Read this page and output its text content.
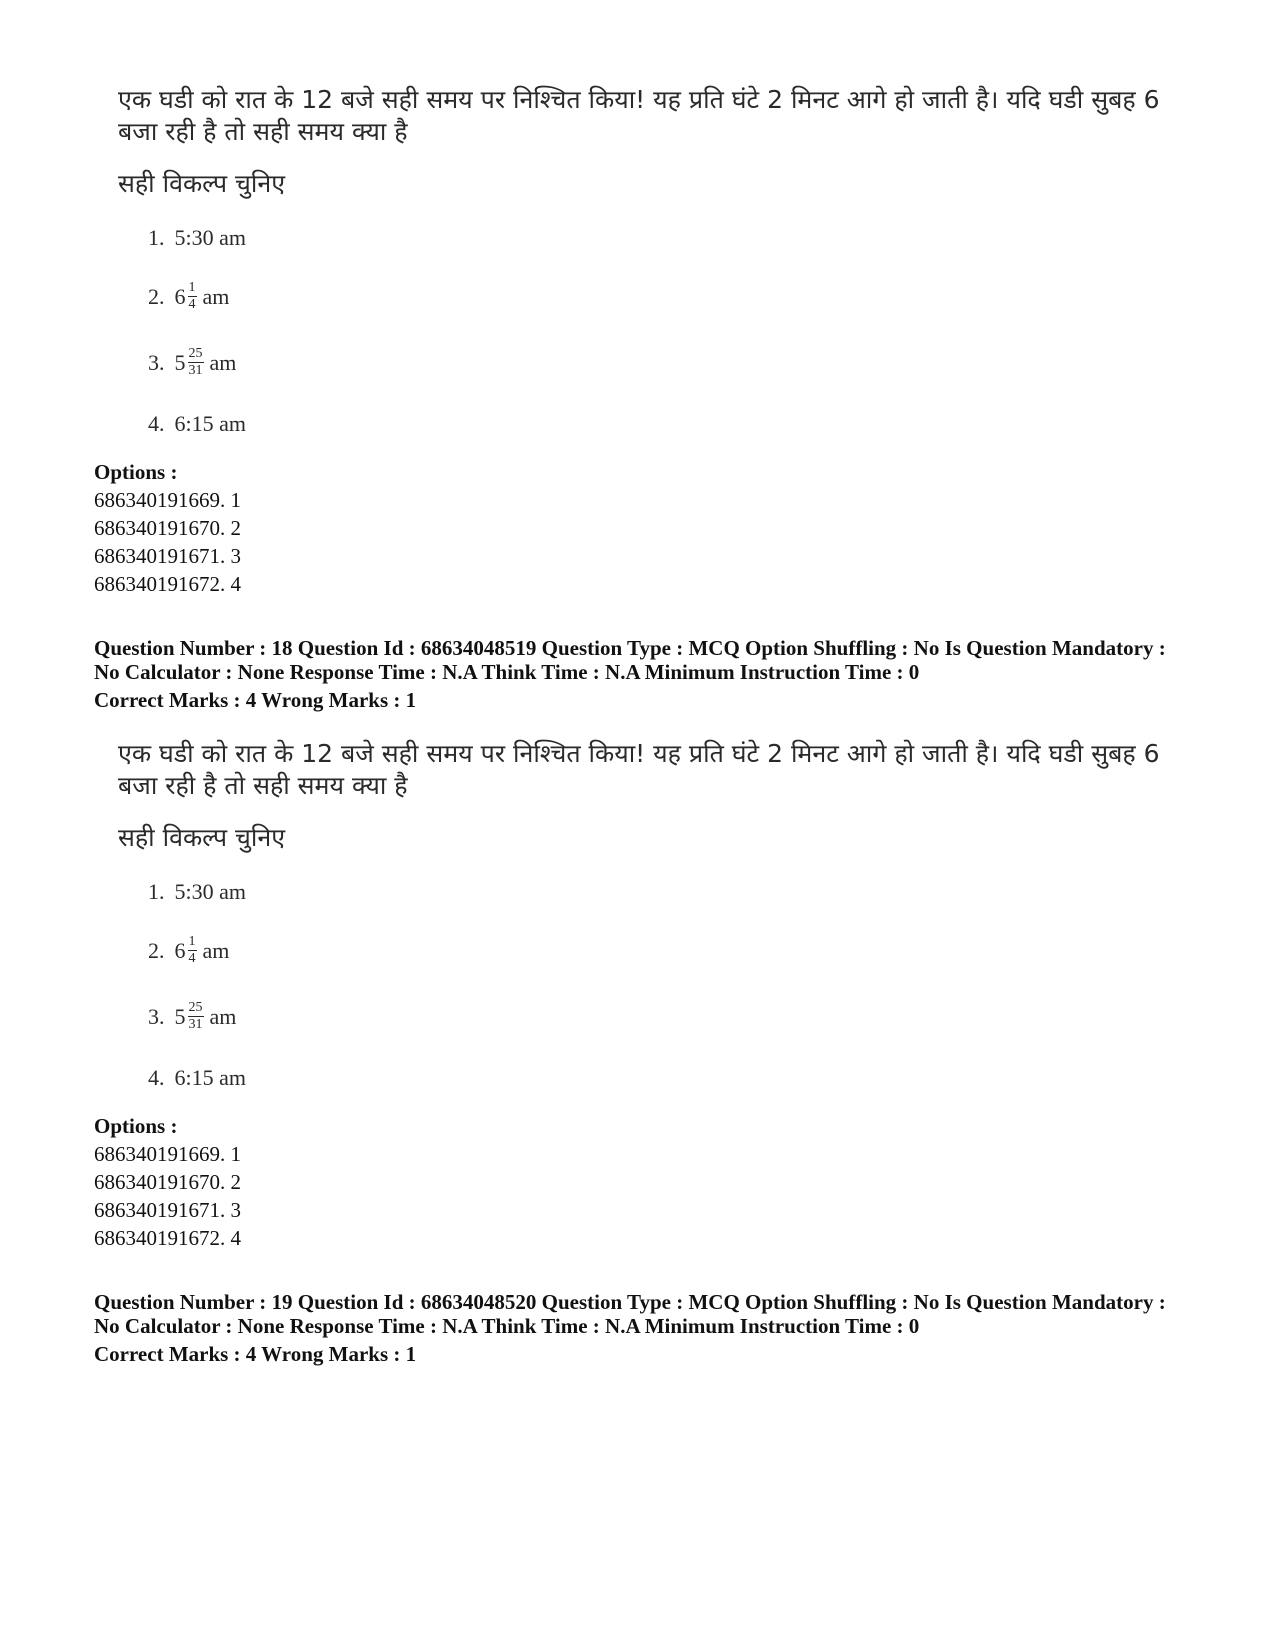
एक घडी को रात के 12 बजे सही समय पर निश्चित किया! यह प्रति घंटे 2 मिनट आगे हो जाती है। यदि घडी सुबह 6 बजा रही है तो सही समय क्या है
सही विकल्प चुनिए
1. 5:30 am
2. $6 \frac{1}{4}$ am
3. $5 \frac{25}{31}$ am
4. 6:15 am
Options :
686340191669. 1
686340191670. 2
686340191671. 3
686340191672. 4
Question Number : 18 Question Id : 68634048519 Question Type : MCQ Option Shuffling : No Is Question Mandatory :
No Calculator : None Response Time : N.A Think Time : N.A Minimum Instruction Time : 0
Correct Marks : 4 Wrong Marks : 1
एक घडी को रात के 12 बजे सही समय पर निश्चित किया! यह प्रति घंटे 2 मिनट आगे हो जाती है। यदि घडी सुबह 6 बजा रही है तो सही समय क्या है
सही विकल्प चुनिए
1. 5:30 am
2. $6 \frac{1}{4}$ am
3. $5 \frac{25}{31}$ am
4. 6:15 am
Options :
686340191669. 1
686340191670. 2
686340191671. 3
686340191672. 4
Question Number : 19 Question Id : 68634048520 Question Type : MCQ Option Shuffling : No Is Question Mandatory :
No Calculator : None Response Time : N.A Think Time : N.A Minimum Instruction Time : 0
Correct Marks : 4 Wrong Marks : 1
